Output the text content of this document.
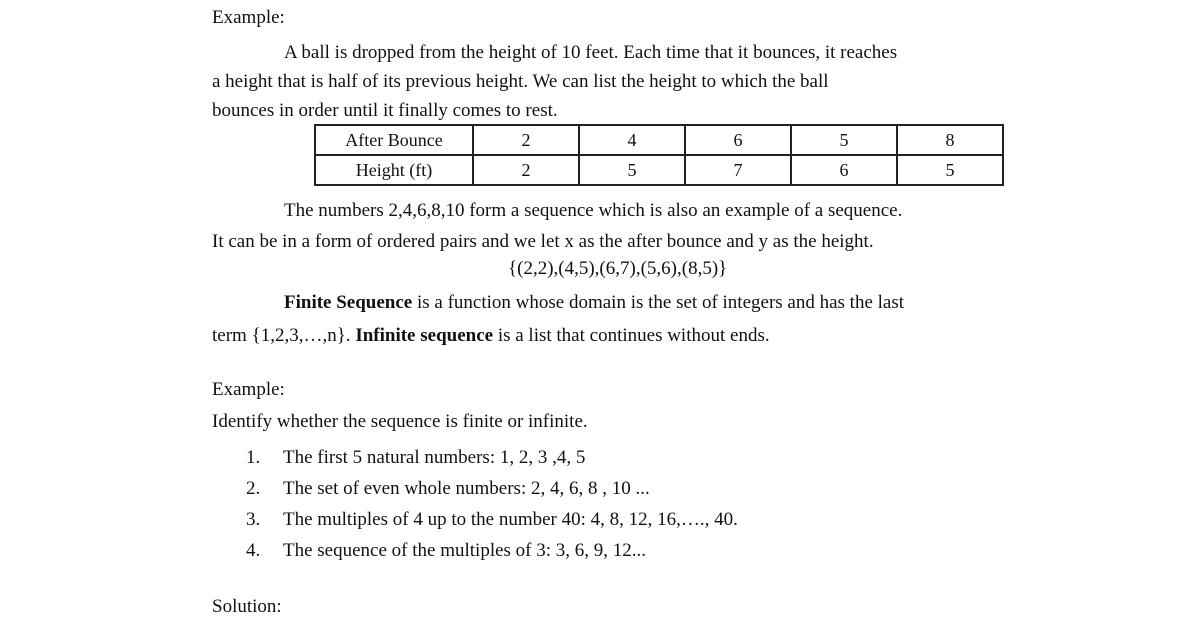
Example:

A ball is dropped from the height of 10 feet. Each time that it bounces, it reaches

a height that is half of its previous height. We can list the height to which the ball

bounces in order until it finally comes to rest.

After Bounce	2	4	6	5	8
Height (ft)	2	5	7	6	5

The numbers 2,4,6,8,10 form a sequence which is also an example of a sequence.

It can be in a form of ordered pairs and we let x as the after bounce and y as the height.

{(2,2),(4,5),(6,7),(5,6),(8,5)}

Finite Sequence is a function whose domain is the set of integers and has the last

term {1,2,3,…,n}. Infinite sequence is a list that continues without ends.

Example:
Identify whether the sequence is finite or infinite.
1. The first 5 natural numbers: 1, 2, 3 ,4, 5
2. The set of even whole numbers: 2, 4, 6, 8 , 10 ...
3. The multiples of 4 up to the number 40: 4, 8, 12, 16,…., 40.
4. The sequence of the multiples of 3: 3, 6, 9, 12...
Solution:
